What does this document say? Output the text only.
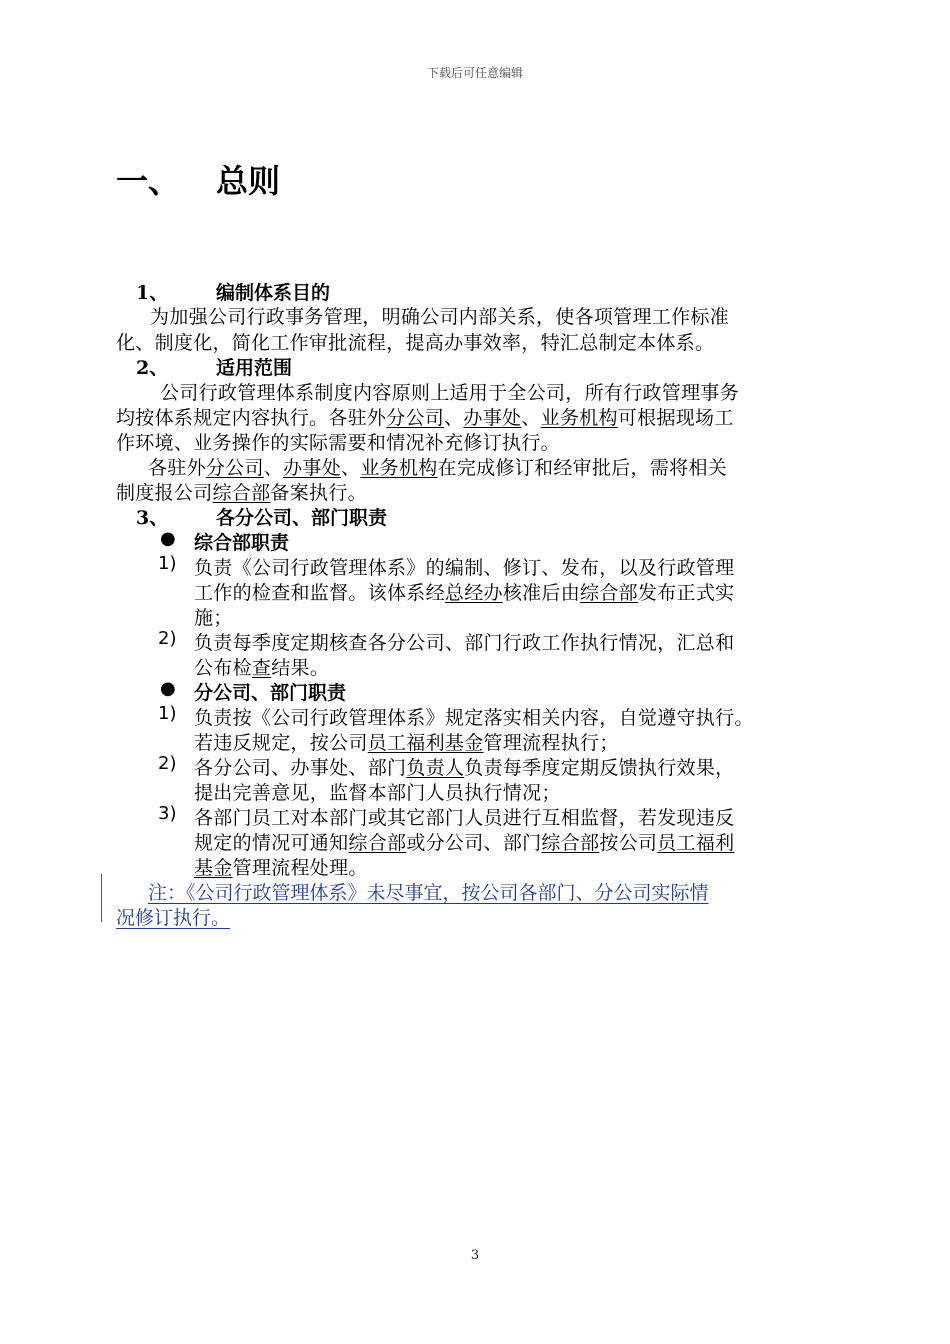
下载后可任意编辑
一、 总则
1、	编制体系目的
为加强公司行政事务管理，明确公司内部关系，使各项管理工作标准
化、制度化，简化工作审批流程，提高办事效率，特汇总制定本体系。
2、	适用范围
公司行政管理体系制度内容原则上适用于全公司，所有行政管理事务
均按体系规定内容执行。各驻外分公司、办事处、业务机构可根据现场工
作环境、业务操作的实际需要和情况补充修订执行。
各驻外分公司、办事处、业务机构在完成修订和经审批后，需将相关
制度报公司综合部备案执行。
3、	各分公司、部门职责
● 综合部职责
1) 负责《公司行政管理体系》的编制、修订、发布，以及行政管理
工作的检查和监督。该体系经总经办核准后由综合部发布正式实
施；
2) 负责每季度定期核查各分公司、部门行政工作执行情况，汇总和
公布检查结果。
● 分公司、部门职责
1) 负责按《公司行政管理体系》规定落实相关内容，自觉遵守执行。
若违反规定，按公司员工福利基金管理流程执行；
2) 各分公司、办事处、部门负责人负责每季度定期反馈执行效果，
提出完善意见，监督本部门人员执行情况；
3) 各部门员工对本部门或其它部门人员进行互相监督，若发现违反
规定的情况可通知综合部或分公司、部门综合部按公司员工福利
基金管理流程处理。
注：《公司行政管理体系》未尽事宜，按公司各部门、分公司实际情
况修订执行。
3
